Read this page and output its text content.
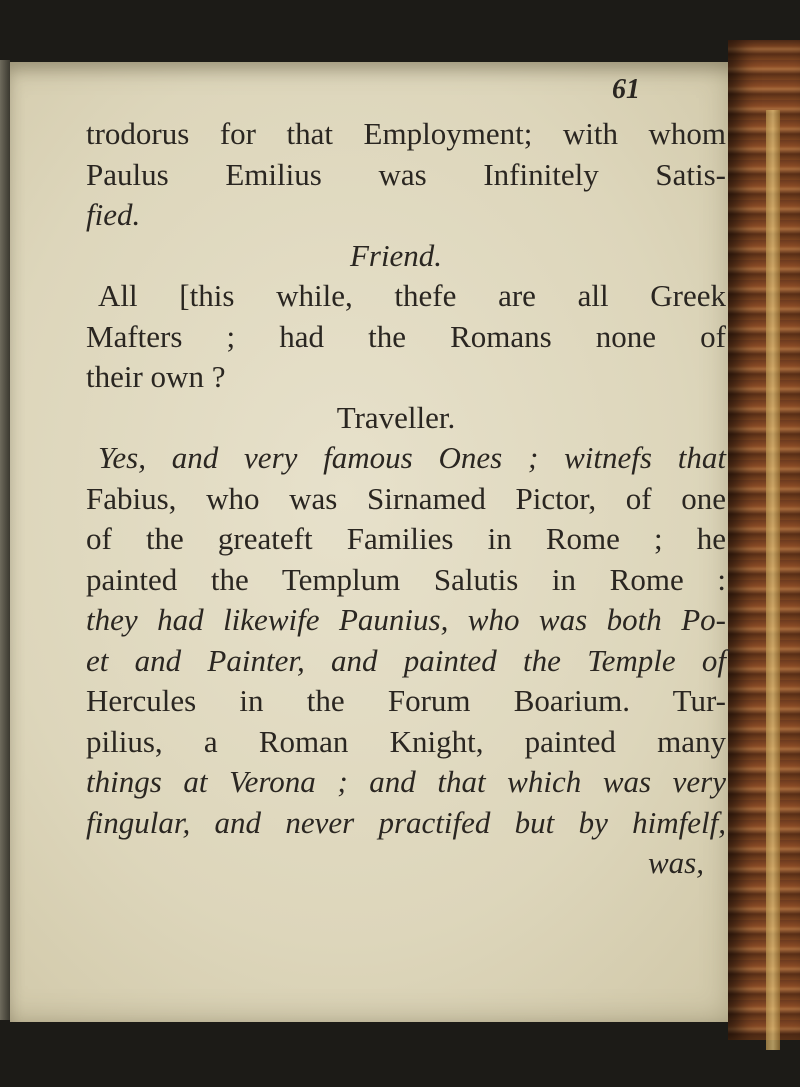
61
trodorus for that Employment; with whom
Paulus Emilius was Infinitely Satis-
fied.
Friend.
All [this while, thefe are all Greek
Mafters ; had the Romans none of
their own ?
Traveller.
Yes, and very famous Ones ; witnefs that
Fabius, who was Sirnamed Pictor, of one
of the greateft Families in Rome ; he
painted the Templum Salutis in Rome :
they had likewife Paunius, who was both Po-
et and Painter, and painted the Temple of
Hercules in the Forum Boarium. Tur-
pilius, a Roman Knight, painted many
things at Verona ; and that which was very
fingular, and never practifed but by himfelf,
was,
